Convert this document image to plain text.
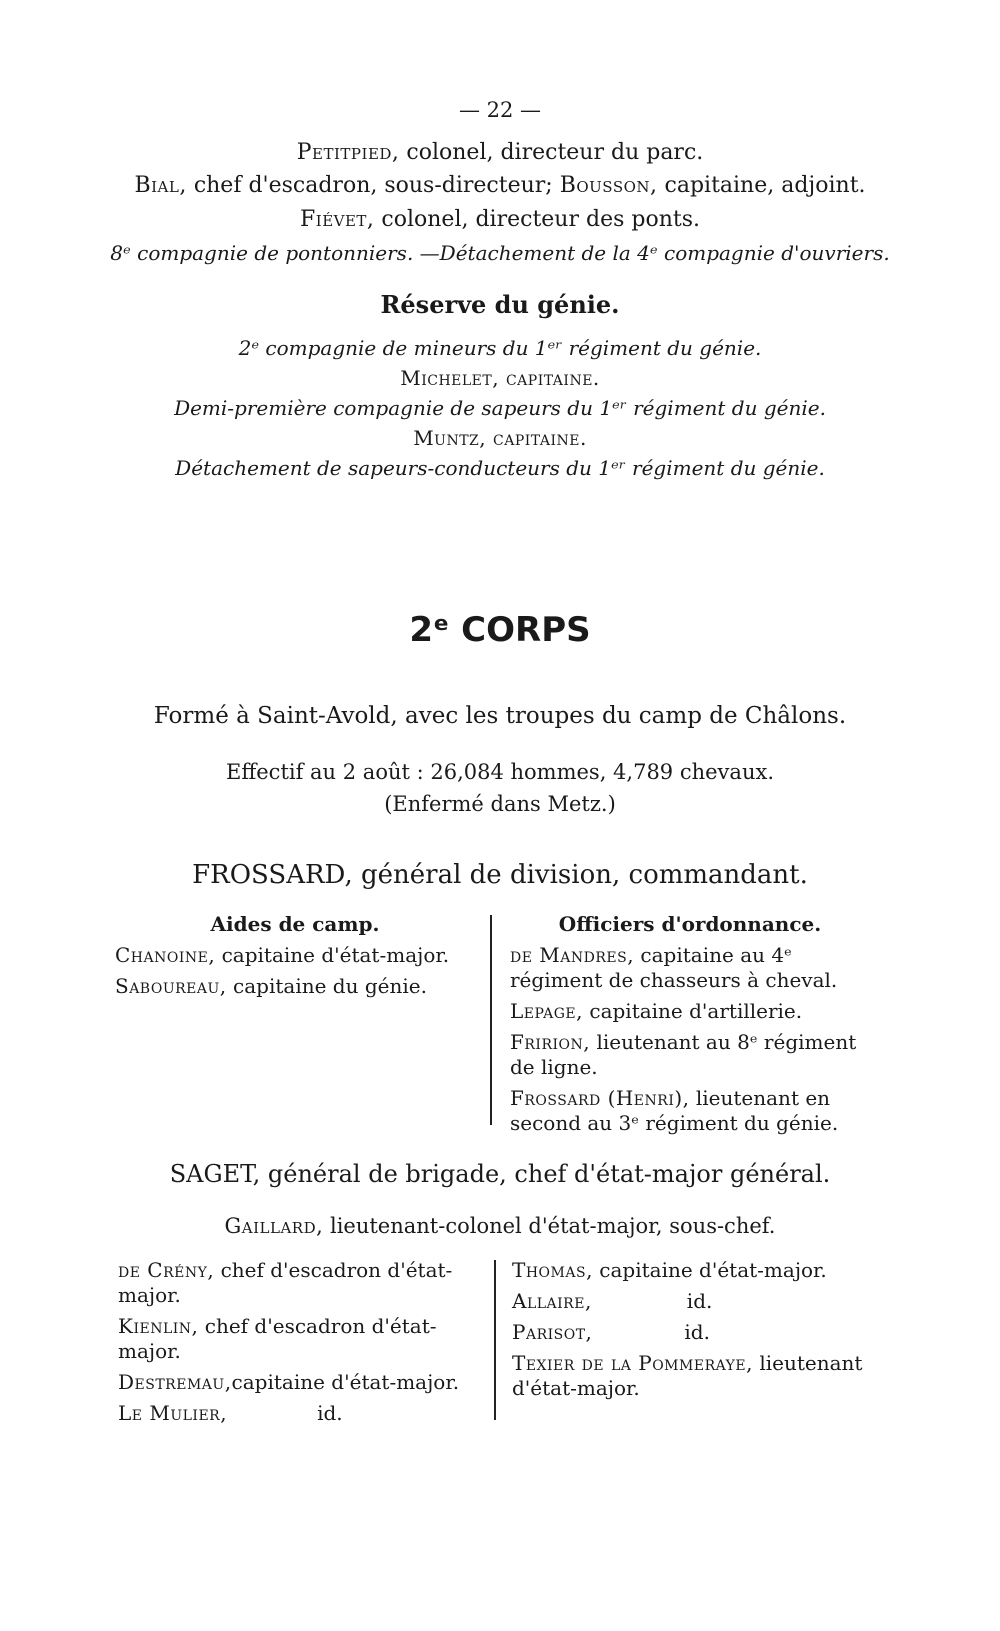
— 22 —
Petitpied, colonel, directeur du parc.
Bial, chef d'escadron, sous-directeur; Bousson, capitaine, adjoint.
Fiévet, colonel, directeur des ponts.
8ᵉ compagnie de pontonniers. —Détachement de la 4ᵉ compagnie d'ouvriers.
Réserve du génie.
2ᵉ compagnie de mineurs du 1ᵉʳ régiment du génie.
Michelet, capitaine.
Demi-première compagnie de sapeurs du 1ᵉʳ régiment du génie.
Muntz, capitaine.
Détachement de sapeurs-conducteurs du 1ᵉʳ régiment du génie.
2ᵉ CORPS
Formé à Saint-Avold, avec les troupes du camp de Châlons.
Effectif au 2 août : 26,084 hommes, 4,789 chevaux.
(Enfermé dans Metz.)
FROSSARD, général de division, commandant.

Aides de camp.

Chanoine, capitaine d'état-major.

Saboureau, capitaine du génie.

Officiers d'ordonnance.

de Mandres, capitaine au 4ᵉ régiment de chasseurs à cheval.

Lepage, capitaine d'artillerie.

Fririon, lieutenant au 8ᵉ régiment de ligne.

Frossard (Henri), lieutenant en second au 3ᵉ régiment du génie.

SAGET, général de brigade, chef d'état-major général.
Gaillard, lieutenant-colonel d'état-major, sous-chef.

de Crény, chef d'escadron d'état-major.

Kienlin, chef d'escadron d'état-major.

Destremau,capitaine d'état-major.

Le Mulier,	id.

Thomas, capitaine d'état-major.

Allaire,	id.

Parisot,	id.

Texier de la Pommeraye, lieutenant d'état-major.
